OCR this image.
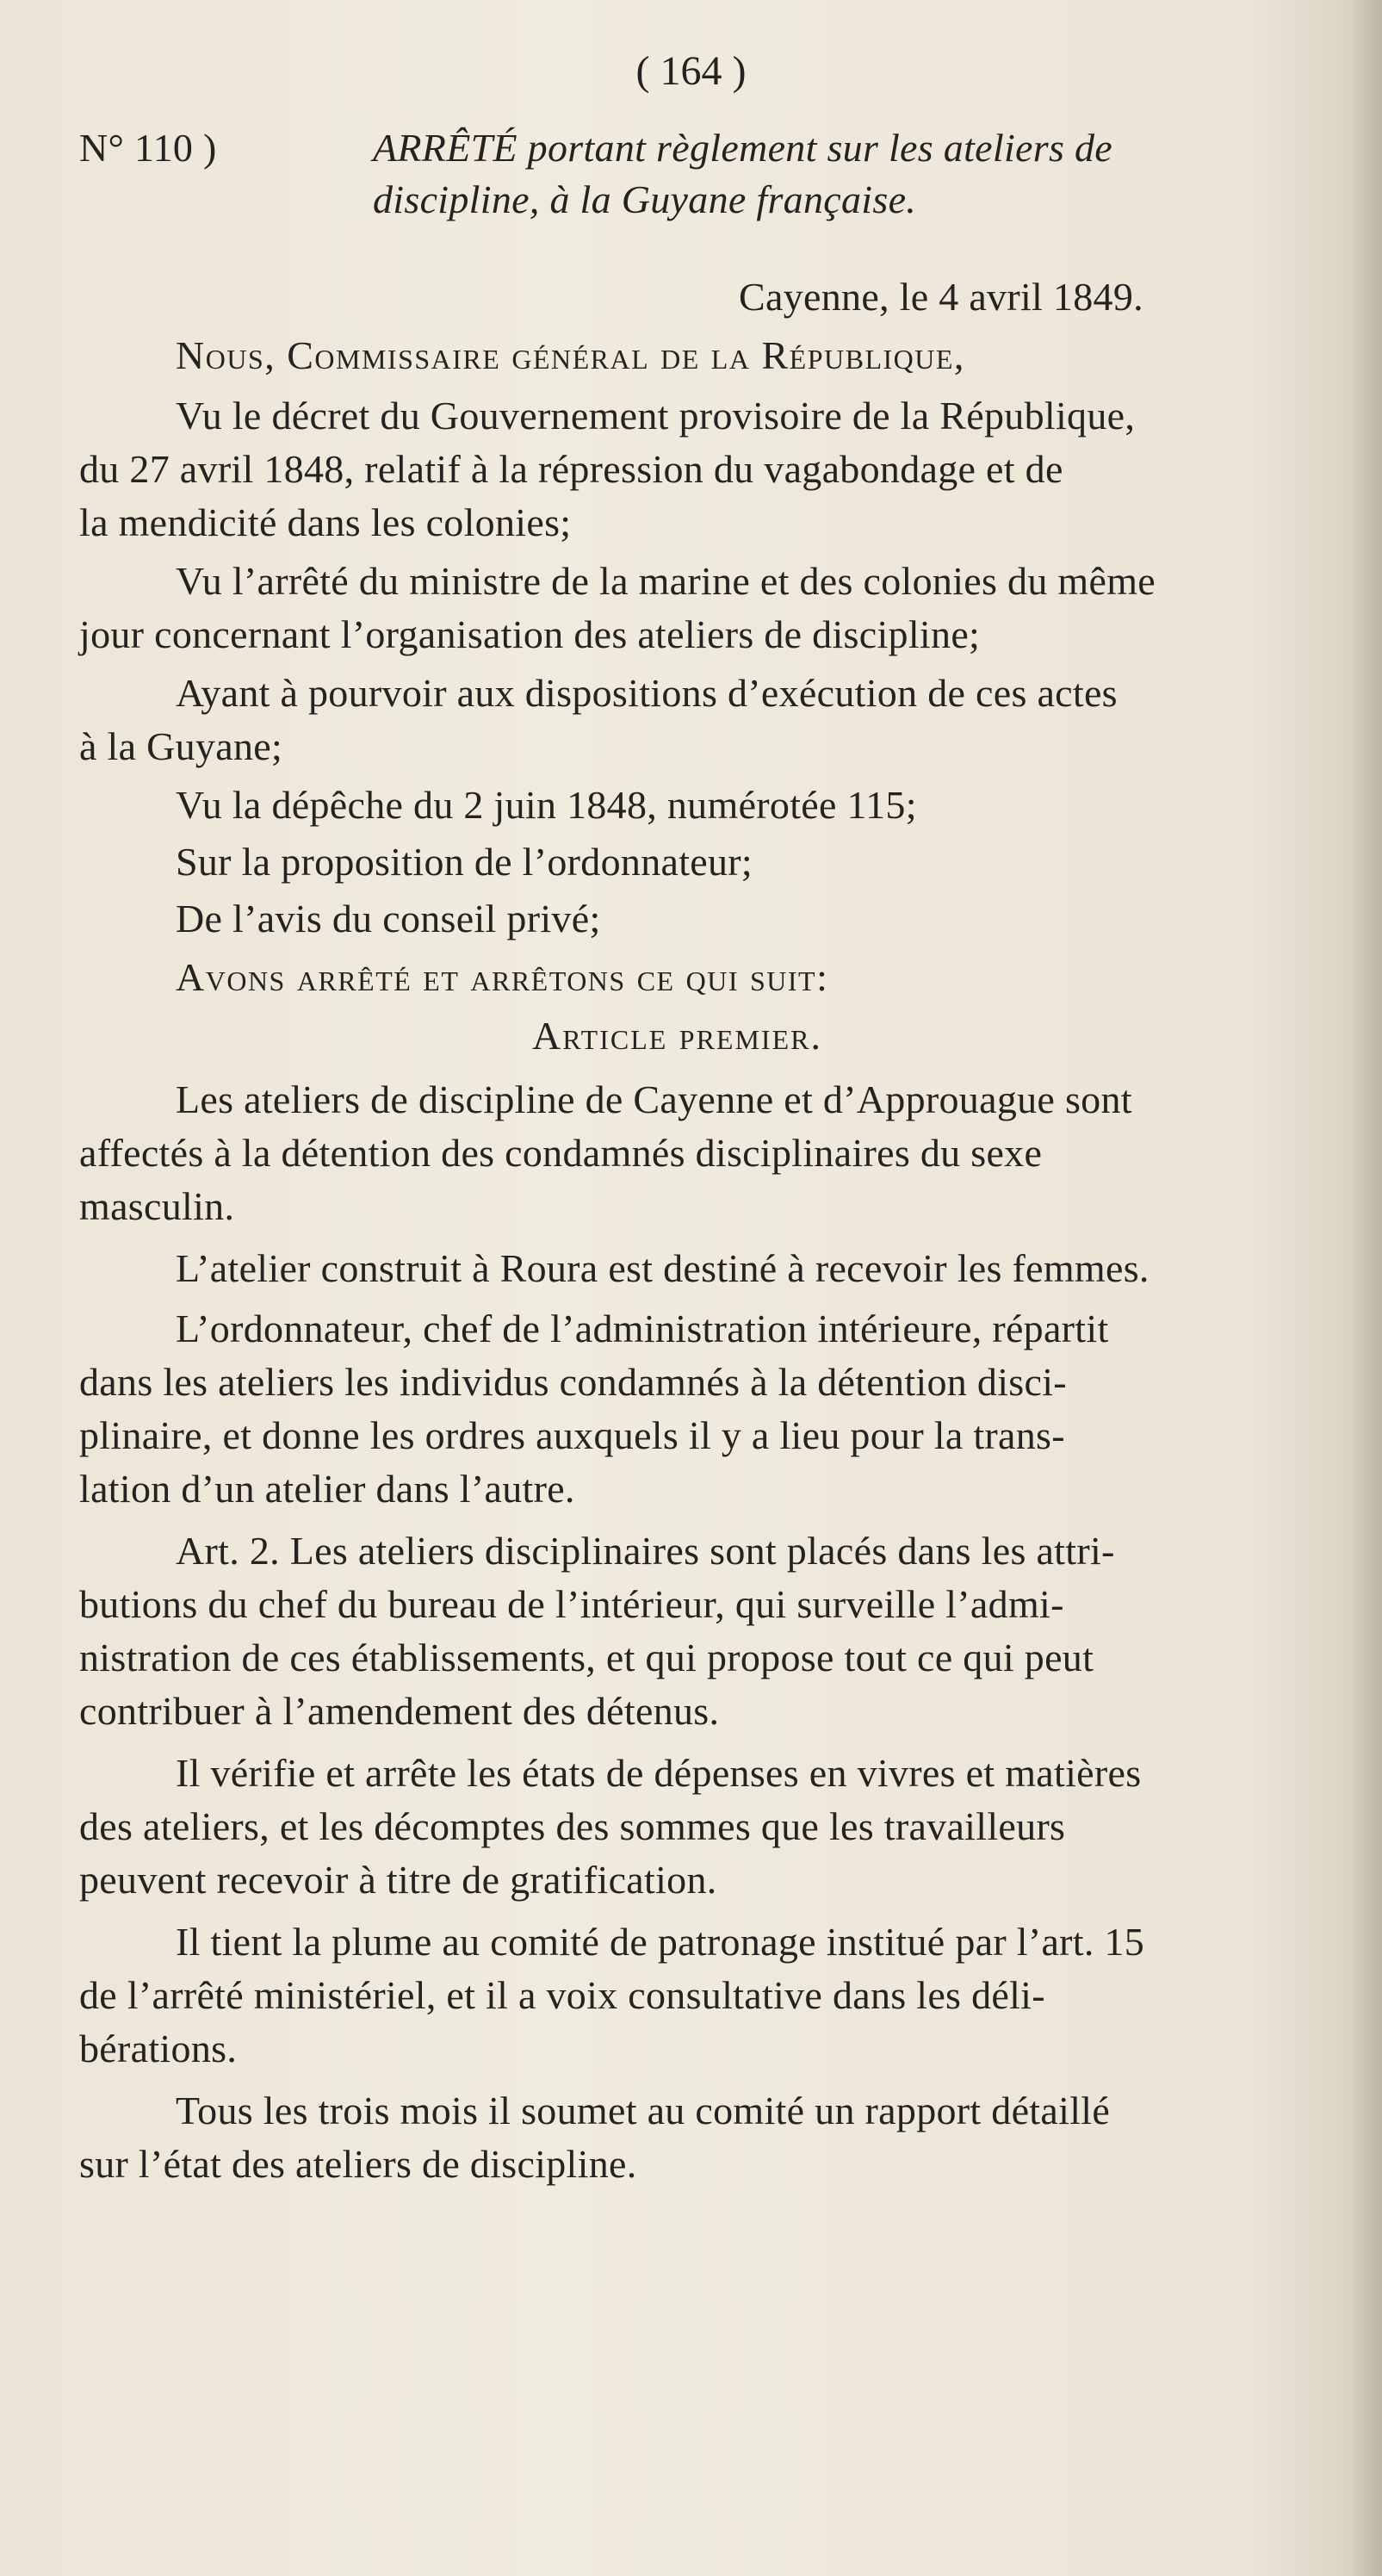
( 164 )
N° 110 )	ARRÊTÉ portant règlement sur les ateliers de
discipline, à la Guyane française.
Cayenne, le 4 avril 1849.
Nous, Commissaire général de la République,
Vu le décret du Gouvernement provisoire de la République,
du 27 avril 1848, relatif à la répression du vagabondage et de
la mendicité dans les colonies;
Vu l’arrêté du ministre de la marine et des colonies du même
jour concernant l’organisation des ateliers de discipline;
Ayant à pourvoir aux dispositions d’exécution de ces actes
à la Guyane;
Vu la dépêche du 2 juin 1848, numérotée 115;
Sur la proposition de l’ordonnateur;
De l’avis du conseil privé;
Avons arrêté et arrêtons ce qui suit:
Article premier.
Les ateliers de discipline de Cayenne et d’Approuague sont
affectés à la détention des condamnés disciplinaires du sexe
masculin.
L’atelier construit à Roura est destiné à recevoir les femmes.
L’ordonnateur, chef de l’administration intérieure, répartit
dans les ateliers les individus condamnés à la détention disci-
plinaire, et donne les ordres auxquels il y a lieu pour la trans-
lation d’un atelier dans l’autre.
Art. 2. Les ateliers disciplinaires sont placés dans les attri-
butions du chef du bureau de l’intérieur, qui surveille l’admi-
nistration de ces établissements, et qui propose tout ce qui peut
contribuer à l’amendement des détenus.
Il vérifie et arrête les états de dépenses en vivres et matières
des ateliers, et les décomptes des sommes que les travailleurs
peuvent recevoir à titre de gratification.
Il tient la plume au comité de patronage institué par l’art. 15
de l’arrêté ministériel, et il a voix consultative dans les déli-
bérations.
Tous les trois mois il soumet au comité un rapport détaillé
sur l’état des ateliers de discipline.
